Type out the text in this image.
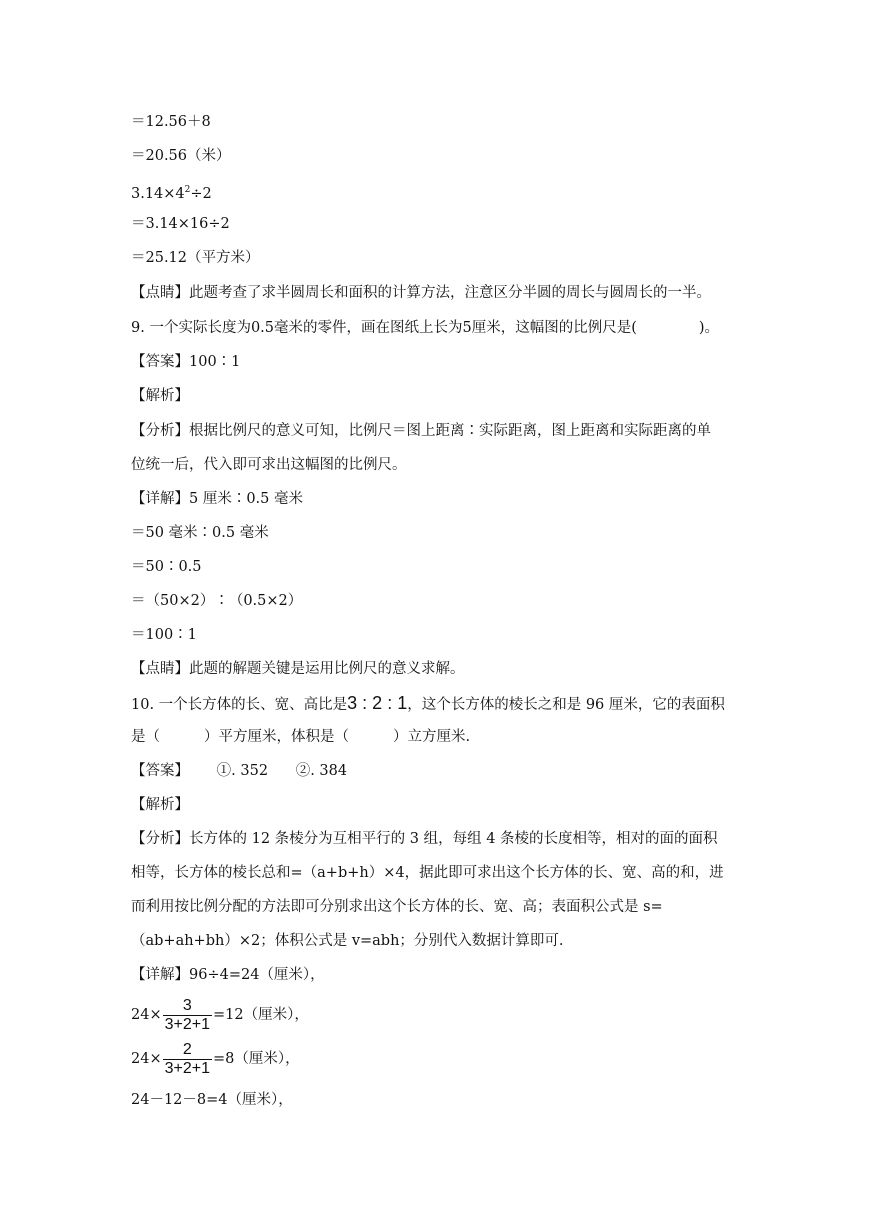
＝12.56＋8
＝20.56（米）
$3.14\times 4^2\div 2$
＝3.14×16÷2
＝25.12（平方米）
【点睛】此题考查了求半圆周长和面积的计算方法，注意区分半圆的周长与圆周长的一半。
9. 一个实际长度为0.5毫米的零件，画在图纸上长为5厘米，这幅图的比例尺是(	)。
【答案】100∶1
【解析】
【分析】根据比例尺的意义可知，比例尺＝图上距离∶实际距离，图上距离和实际距离的单
位统一后，代入即可求出这幅图的比例尺。
【详解】5 厘米∶0.5 毫米
＝50 毫米∶0.5 毫米
＝50∶0.5
＝（50×2）∶（0.5×2）
＝100∶1
【点睛】此题的解题关键是运用比例尺的意义求解。
10. 一个长方体的长、宽、高比是3 : 2 : 1，这个长方体的棱长之和是 96 厘米，它的表面积
是（	）平方厘米，体积是（	）立方厘米.
【答案】      ①. 352      ②. 384
【解析】
【分析】长方体的 12 条棱分为互相平行的 3 组，每组 4 条棱的长度相等，相对的面的面积
相等，长方体的棱长总和=（a+b+h）×4，据此即可求出这个长方体的长、宽、高的和，进
而利用按比例分配的方法即可分别求出这个长方体的长、宽、高；表面积公式是 s=
（ab+ah+bh）×2；体积公式是 v=abh；分别代入数据计算即可.
【详解】96÷4=24（厘米），
$24\times \frac{3}{3+2+1} =12$（厘米），
$24\times \frac{2}{3+2+1} =8$（厘米），
24－12－8=4（厘米），
